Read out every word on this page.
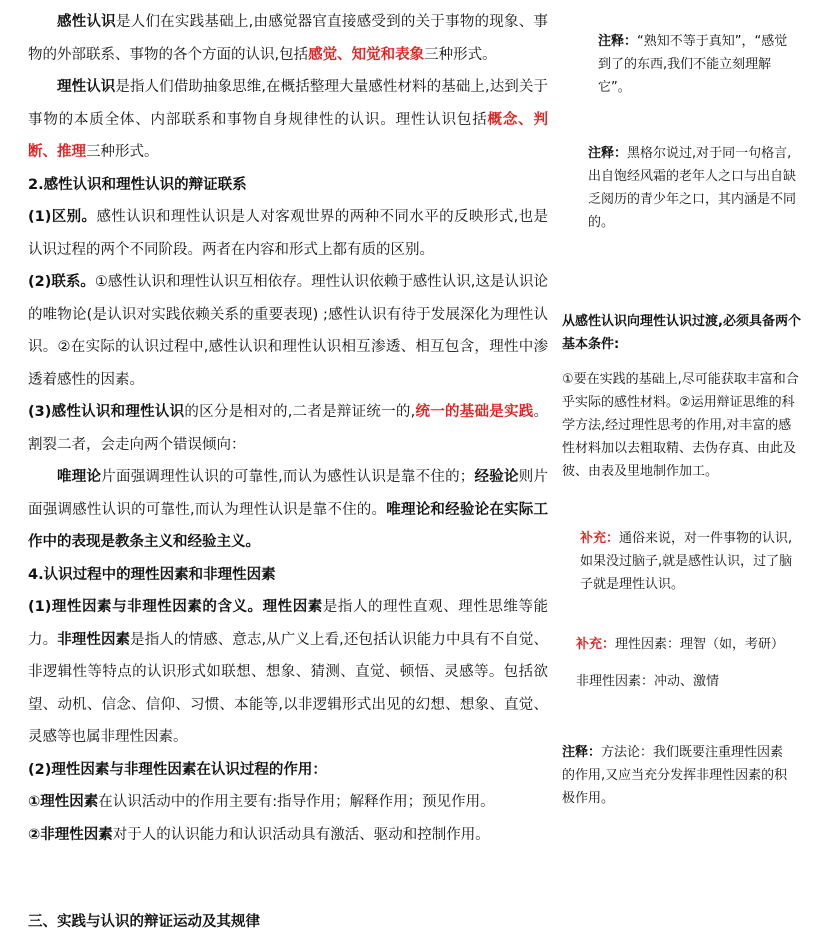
感性认识是人们在实践基础上,由感觉器官直接感受到的关于事物的现象、事物的外部联系、事物的各个方面的认识,包括感觉、知觉和表象三种形式。

理性认识是指人们借助抽象思维,在概括整理大量感性材料的基础上,达到关于事物的本质全体、内部联系和事物自身规律性的认识。理性认识包括概念、判断、推理三种形式。

2.感性认识和理性认识的辩证联系

(1)区别。感性认识和理性认识是人对客观世界的两种不同水平的反映形式,也是认识过程的两个不同阶段。两者在内容和形式上都有质的区别。

(2)联系。①感性认识和理性认识互相依存。理性认识依赖于感性认识,这是认识论的唯物论(是认识对实践依赖关系的重要表现) ;感性认识有待于发展深化为理性认识。②在实际的认识过程中,感性认识和理性认识相互渗透、相互包含，理性中渗透着感性的因素。

(3)感性认识和理性认识的区分是相对的,二者是辩证统一的,统一的基础是实践。割裂二者，会走向两个错误倾向：

唯理论片面强调理性认识的可靠性,而认为感性认识是靠不住的；经验论则片面强调感性认识的可靠性,而认为理性认识是靠不住的。唯理论和经验论在实际工作中的表现是教条主义和经验主义。

4.认识过程中的理性因素和非理性因素

(1)理性因素与非理性因素的含义。理性因素是指人的理性直观、理性思维等能力。非理性因素是指人的情感、意志,从广义上看,还包括认识能力中具有不自觉、非逻辑性等特点的认识形式如联想、想象、猜测、直觉、顿悟、灵感等。包括欲望、动机、信念、信仰、习惯、本能等,以非逻辑形式出见的幻想、想象、直觉、灵感等也属非理性因素。

(2)理性因素与非理性因素在认识过程的作用：

①理性因素在认识活动中的作用主要有:指导作用；解释作用；预见作用。

②非理性因素对于人的认识能力和认识活动具有激活、驱动和控制作用。

三、实践与认识的辩证运动及其规律
注释：“熟知不等于真知”，“感觉到了的东西,我们不能立刻理解它”。
注释：黑格尔说过,对于同一句格言,出自饱经风霜的老年人之口与出自缺乏阅历的青少年之口，其内涵是不同的。
从感性认识向理性认识过渡,必须具备两个基本条件:
①要在实践的基础上,尽可能获取丰富和合乎实际的感性材料。②运用辩证思维的科学方法,经过理性思考的作用,对丰富的感性材料加以去粗取精、去伪存真、由此及彼、由表及里地制作加工。
补充：通俗来说，对一件事物的认识,如果没过脑子,就是感性认识，过了脑子就是理性认识。
补充：理性因素：理智（如，考研）
非理性因素：冲动、激情
注释：方法论：我们既要注重理性因素的作用,又应当充分发挥非理性因素的积极作用。
